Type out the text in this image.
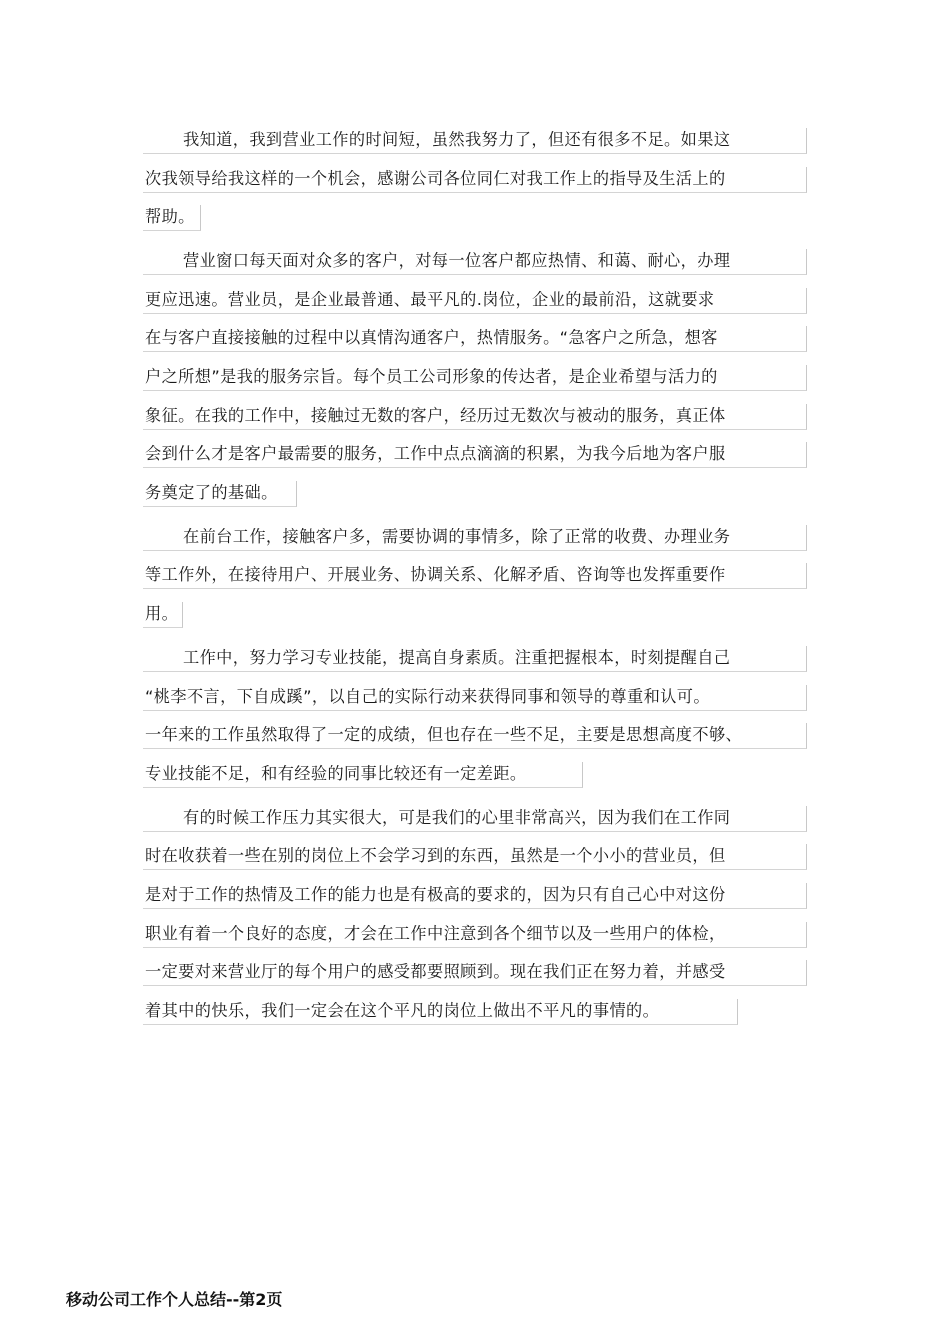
我知道，我到营业工作的时间短，虽然我努力了，但还有很多不足。如果这
次我领导给我这样的一个机会，感谢公司各位同仁对我工作上的指导及生活上的
帮助。
营业窗口每天面对众多的客户，对每一位客户都应热情、和蔼、耐心，办理
更应迅速。营业员，是企业最普通、最平凡的.岗位，企业的最前沿，这就要求
在与客户直接接触的过程中以真情沟通客户，热情服务。“急客户之所急，想客
户之所想”是我的服务宗旨。每个员工公司形象的传达者，是企业希望与活力的
象征。在我的工作中，接触过无数的客户，经历过无数次与被动的服务，真正体
会到什么才是客户最需要的服务，工作中点点滴滴的积累，为我今后地为客户服
务奠定了的基础。
在前台工作，接触客户多，需要协调的事情多，除了正常的收费、办理业务
等工作外，在接待用户、开展业务、协调关系、化解矛盾、咨询等也发挥重要作
用。
工作中，努力学习专业技能，提高自身素质。注重把握根本，时刻提醒自己
“桃李不言，下自成蹊”，以自己的实际行动来获得同事和领导的尊重和认可。
一年来的工作虽然取得了一定的成绩，但也存在一些不足，主要是思想高度不够、
专业技能不足，和有经验的同事比较还有一定差距。
有的时候工作压力其实很大，可是我们的心里非常高兴，因为我们在工作同
时在收获着一些在别的岗位上不会学习到的东西，虽然是一个小小的营业员，但
是对于工作的热情及工作的能力也是有极高的要求的，因为只有自己心中对这份
职业有着一个良好的态度，才会在工作中注意到各个细节以及一些用户的体检，
一定要对来营业厅的每个用户的感受都要照顾到。现在我们正在努力着，并感受
着其中的快乐，我们一定会在这个平凡的岗位上做出不平凡的事情的。
移动公司工作个人总结--第2页
